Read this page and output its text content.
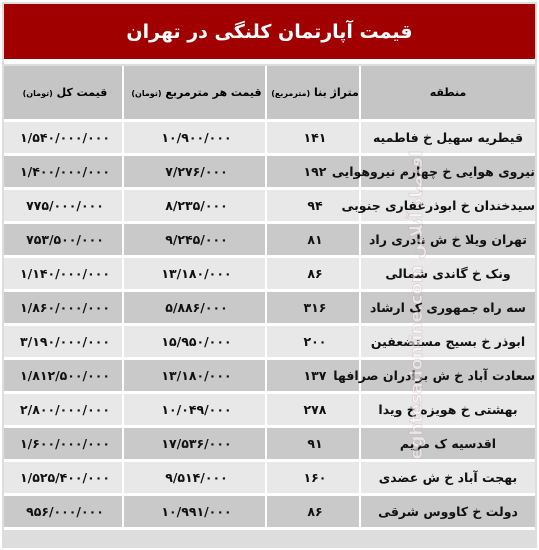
قیمت آپارتمان کلنگی در تهران
قیمت کل (تومان)	قیمت هر مترمربع (تومان)	متراژ بنا (مترمربع)	منطقه
۱/۵۴۰/۰۰۰/۰۰۰	۱۰/۹۰۰/۰۰۰	۱۴۱	قیطریه سهیل خ فاطمیه
۱/۴۰۰/۰۰۰/۰۰۰	۷/۲۷۶/۰۰۰	۱۹۲	نیروی هوایی خ چهارم نیروهوایی
۷۷۵/۰۰۰/۰۰۰	۸/۲۳۵/۰۰۰	۹۴	سیدخندان خ ابوذرغفاری جنوبی
۷۵۳/۵۰۰/۰۰۰	۹/۲۴۵/۰۰۰	۸۱	تهران ویلا خ ش نادری راد
۱/۱۴۰/۰۰۰/۰۰۰	۱۳/۱۸۰/۰۰۰	۸۶	ونک خ گاندی شمالی
۱/۸۶۰/۰۰۰/۰۰۰	۵/۸۸۶/۰۰۰	۳۱۶	سه راه جمهوری ک ارشاد
۳/۱۹۰/۰۰۰/۰۰۰	۱۵/۹۵۰/۰۰۰	۲۰۰	ابوذر خ بسیج مستضعفین
۱/۸۱۲/۵۰۰/۰۰۰	۱۳/۱۸۰/۰۰۰	۱۳۷	سعادت آباد خ ش برادران صرافها
۲/۸۰۰/۰۰۰/۰۰۰	۱۰/۰۴۹/۰۰۰	۲۷۸	بهشتی خ هویزه خ ویدا
۱/۶۰۰/۰۰۰/۰۰۰	۱۷/۵۳۶/۰۰۰	۹۱	اقدسیه ک مریم
۱/۵۲۵/۴۰۰/۰۰۰	۹/۵۱۴/۰۰۰	۱۶۰	بهجت آباد خ ش عضدی
۹۵۶/۰۰۰/۰۰۰	۱۰/۹۹۱/۰۰۰	۸۶	دولت خ کاووس شرقی
eghtesadonline.com اقتصاد آنلاین
